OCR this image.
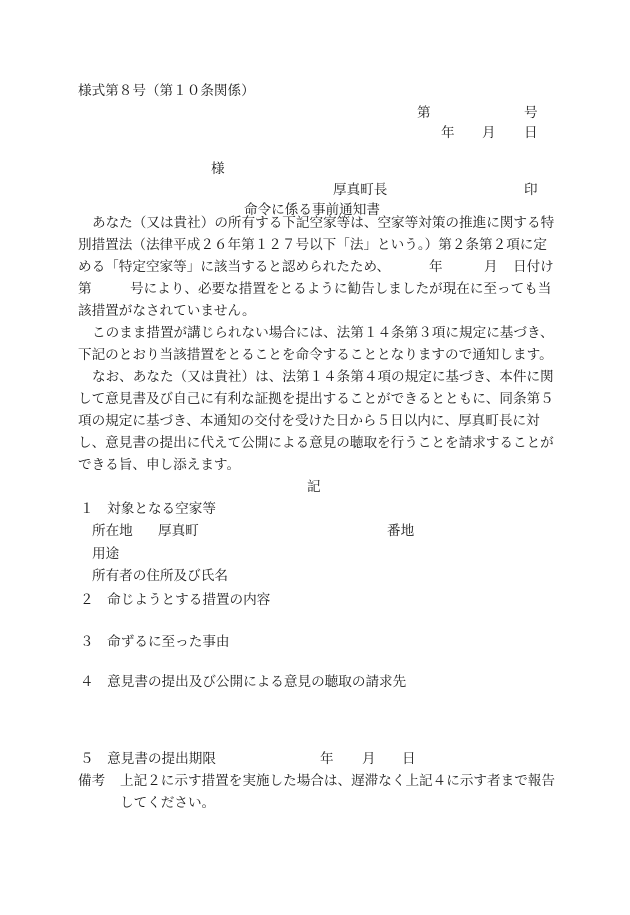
様式第８号（第１０条関係）
第	号
年 月 日
様
厚真町長	印
命令に係る事前通知書
あなた（又は貴社）の所有する下記空家等は、空家等対策の推進に関する特
別措置法（法律平成２６年第１２７号以下「法」という。）第２条第２項に定
める「特定空家等」に該当すると認められたため、	年	月 日付け
第	号により、必要な措置をとるように勧告しましたが現在に至っても当
該措置がなされていません。
このまま措置が講じられない場合には、法第１４条第３項に規定に基づき、
下記のとおり当該措置をとることを命令することとなりますので通知します。
なお、あなた（又は貴社）は、法第１４条第４項の規定に基づき、本件に関
して意見書及び自己に有利な証拠を提出することができるとともに、同条第５
項の規定に基づき、本通知の交付を受けた日から５日以内に、厚真町長に対
し、意見書の提出に代えて公開による意見の聴取を行うことを請求することが
できる旨、申し添えます。
記
１　対象となる空家等
所在地 厚真町	番地
用途
所有者の住所及び氏名
２　命じようとする措置の内容
３　命ずるに至った事由
４　意見書の提出及び公開による意見の聴取の請求先
５　意見書の提出期限	年 月 日
備考 上記２に示す措置を実施した場合は、遅滞なく上記４に示す者まで報告
してください。
